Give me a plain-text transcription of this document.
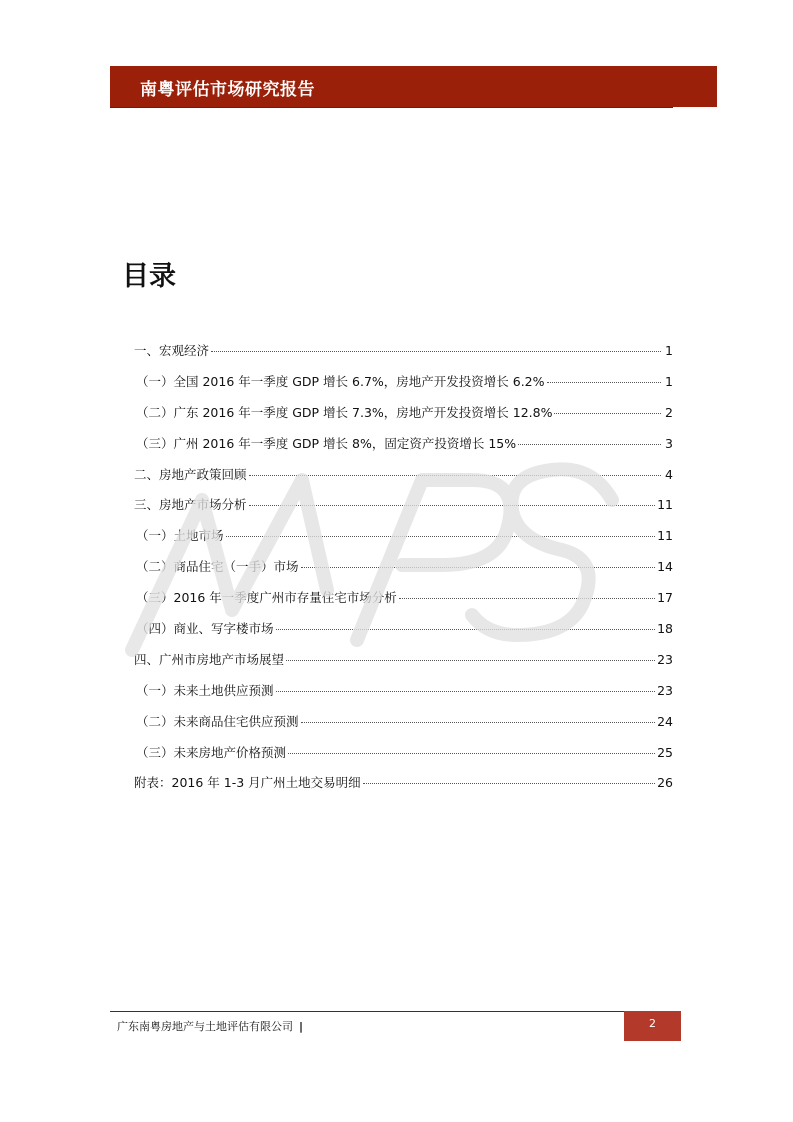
南粤评估市场研究报告
目录
一、宏观经济	1
（一）全国 2016 年一季度 GDP 增长 6.7%，房地产开发投资增长 6.2%	1
（二）广东 2016 年一季度 GDP 增长 7.3%，房地产开发投资增长 12.8%	2
（三）广州 2016 年一季度 GDP 增长 8%，固定资产投资增长 15%	3
二、房地产政策回顾	4
三、房地产市场分析	11
（一）土地市场	11
（二）商品住宅（一手）市场	14
（三）2016 年一季度广州市存量住宅市场分析	17
（四）商业、写字楼市场	18
四、广州市房地产市场展望	23
（一）未来土地供应预测	23
（二）未来商品住宅供应预测	24
（三）未来房地产价格预测	25
附表：2016 年 1-3 月广州土地交易明细	26
广东南粤房地产与土地评估有限公司 |	2
